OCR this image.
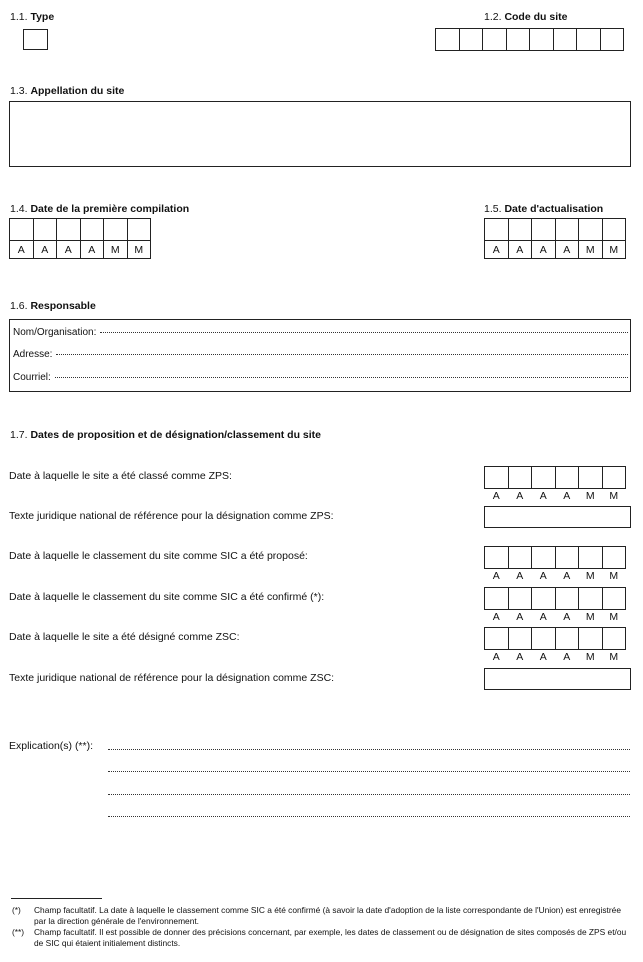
1.1. Type	1.2. Code du site
1.3. Appellation du site
1.4. Date de la première compilation
A	A	A	A	M	M
1.5. Date d'actualisation
A	A	A	A	M	M
1.6. Responsable
Nom/Organisation:
Adresse:
Courriel:
1.7. Dates de proposition et de désignation/classement du site
Date à laquelle le site a été classé comme ZPS:
A	A	A	A	M	M
Texte juridique national de référence pour la désignation comme ZPS:
Date à laquelle le classement du site comme SIC a été proposé:
A	A	A	A	M	M
Date à laquelle le classement du site comme SIC a été confirmé (*):
A	A	A	A	M	M
Date à laquelle le site a été désigné comme ZSC:
A	A	A	A	M	M
Texte juridique national de référence pour la désignation comme ZSC:
Explication(s) (**):
(*) Champ facultatif. La date à laquelle le classement comme SIC a été confirmé (à savoir la date d'adoption de la liste correspondante de l'Union) est enregistrée par la direction générale de l'environnement.
(**) Champ facultatif. Il est possible de donner des précisions concernant, par exemple, les dates de classement ou de désignation de sites composés de ZPS et/ou de SIC qui étaient initialement distincts.
